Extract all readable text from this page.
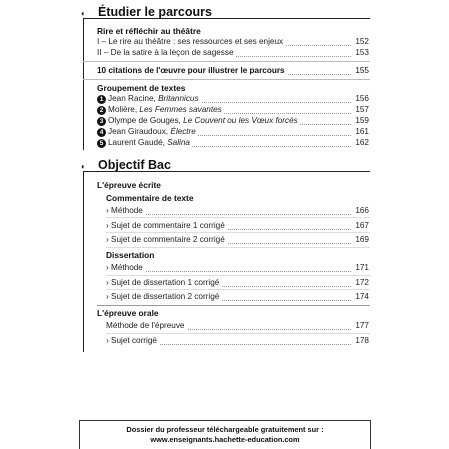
◐ Étudier le parcours
Rire et réfléchir au théâtre
I – Le rire au théâtre : ses ressources et ses enjeux	152
II – De la satire à la leçon de sagesse	153
10 citations de l'œuvre pour illustrer le parcours	155
Groupement de textes
1 Jean Racine, Britannicus	156
2 Molière, Les Femmes savantes	157
3 Olympe de Gouges, Le Couvent ou les Vœux forcés	159
4 Jean Giraudoux, Électre	161
5 Laurent Gaudé, Salina	162
◐ Objectif Bac
L'épreuve écrite
Commentaire de texte
› Méthode	166
› Sujet de commentaire 1 corrigé	167
› Sujet de commentaire 2 corrigé	169
Dissertation
› Méthode	171
› Sujet de dissertation 1 corrigé	172
› Sujet de dissertation 2 corrigé	174
L'épreuve orale
Méthode de l'épreuve	177
› Sujet corrigé	178
Dossier du professeur téléchargeable gratuitement sur :
www.enseignants.hachette-education.com
